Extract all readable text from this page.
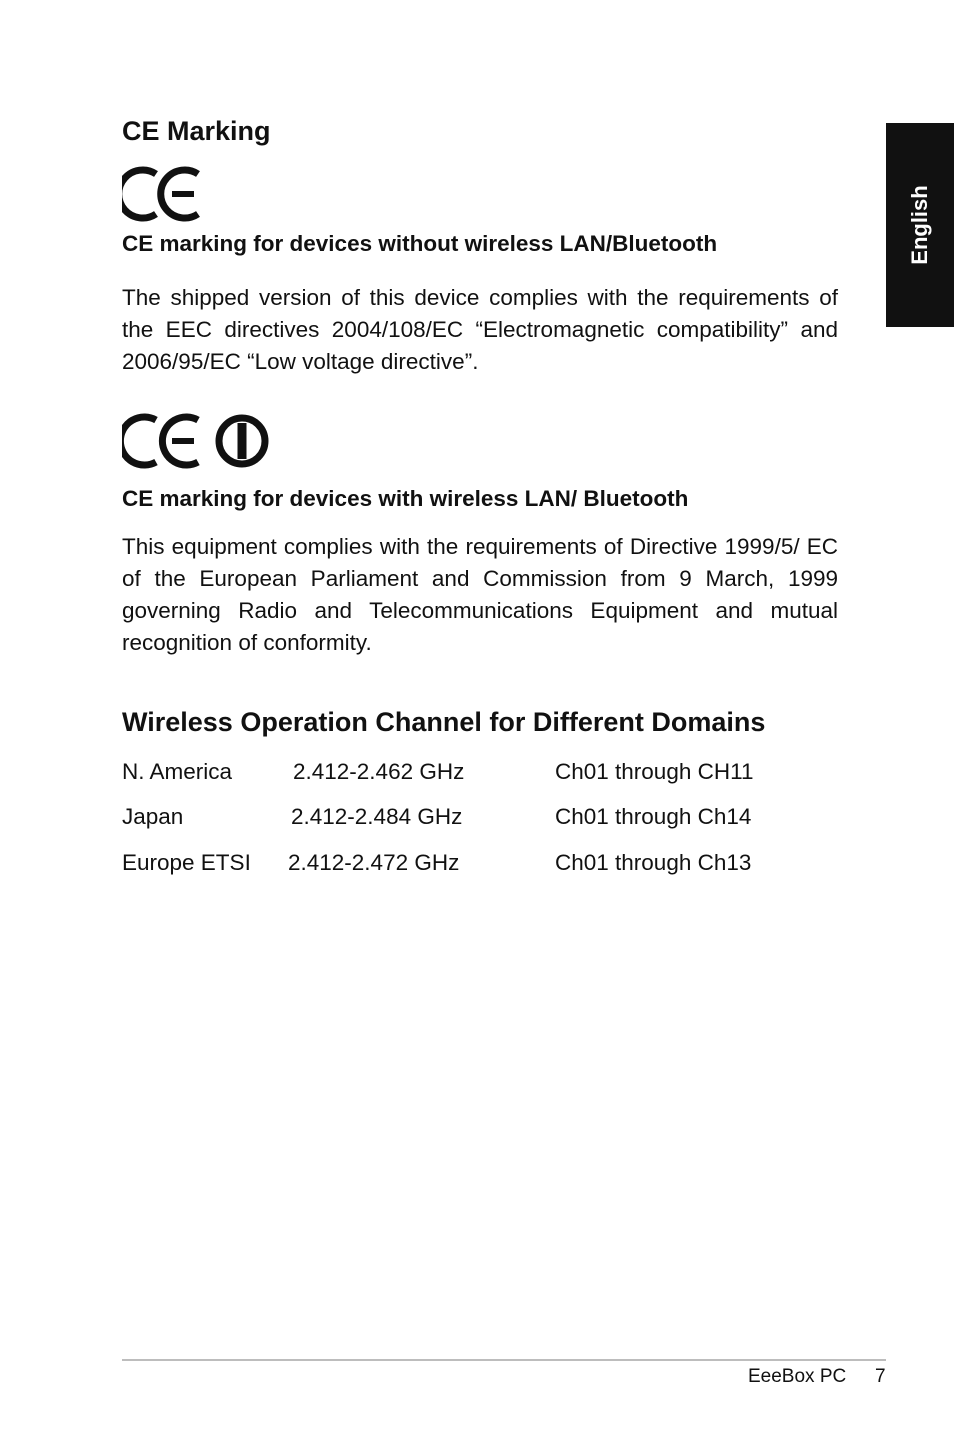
English
CE Marking
CE marking for devices without wireless LAN/Bluetooth
The shipped version of this device complies with the requirements of the EEC directives 2004/108/EC “Electromagnetic compatibility” and 2006/95/EC “Low voltage directive”.
CE marking for devices with wireless LAN/ Bluetooth
This equipment complies with the requirements of Directive 1999/5/ EC of the European Parliament and Commission from 9 March, 1999 governing Radio and Telecommunications Equipment and mutual recognition of conformity.
Wireless Operation Channel for Different Domains
N. America	2.412-2.462 GHz	Ch01 through CH11
Japan	2.412-2.484 GHz	Ch01 through Ch14
Europe ETSI 2.412-2.472 GHz	Ch01 through Ch13
EeeBox PC 7
